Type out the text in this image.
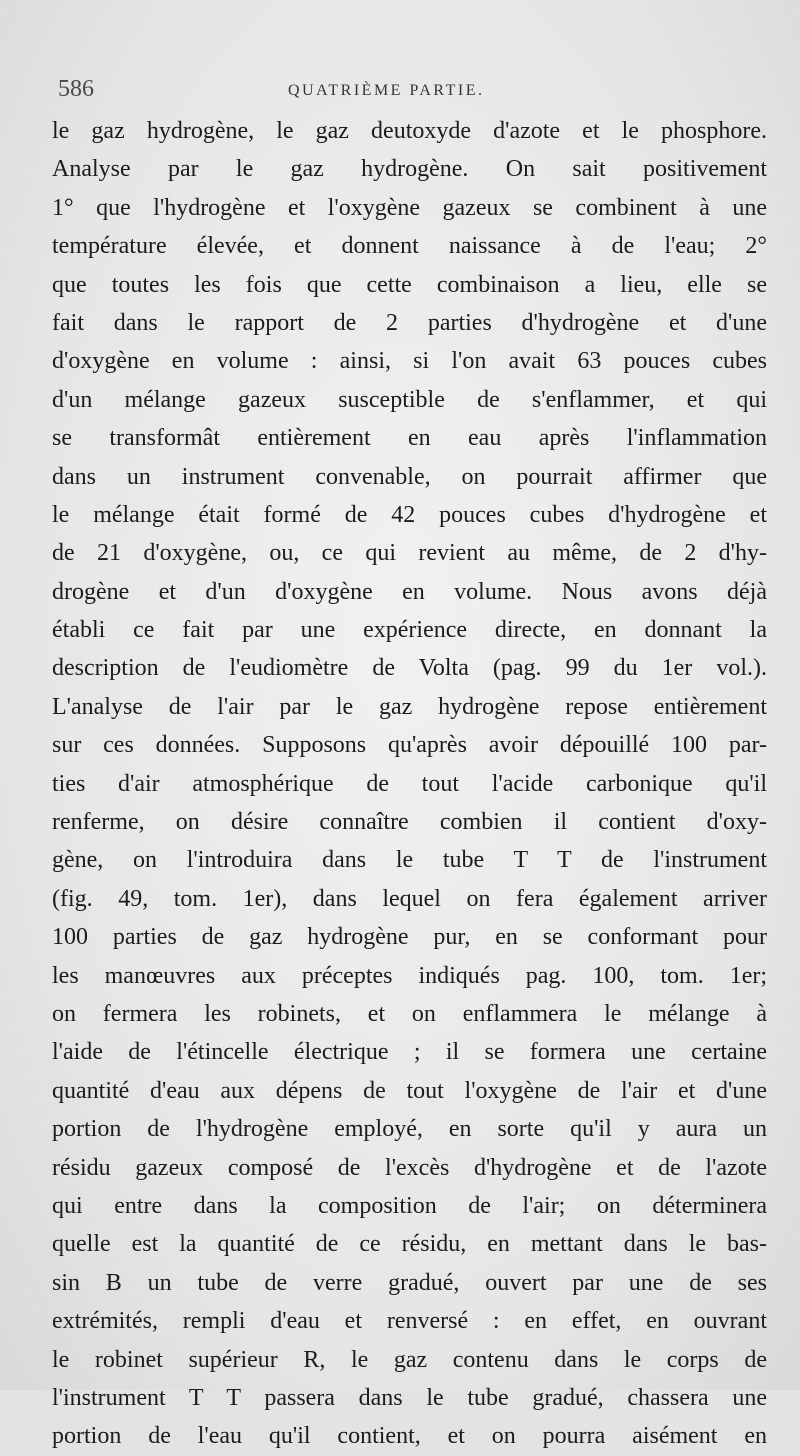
586	QUATRIÈME PARTIE.
le gaz hydrogène, le gaz deutoxyde d'azote et le phosphore.
Analyse par le gaz hydrogène. On sait positivement
1° que l'hydrogène et l'oxygène gazeux se combinent à une
température élevée, et donnent naissance à de l'eau; 2°
que toutes les fois que cette combinaison a lieu, elle se
fait dans le rapport de 2 parties d'hydrogène et d'une
d'oxygène en volume : ainsi, si l'on avait 63 pouces cubes
d'un mélange gazeux susceptible de s'enflammer, et qui
se transformât entièrement en eau après l'inflammation
dans un instrument convenable, on pourrait affirmer que
le mélange était formé de 42 pouces cubes d'hydrogène et
de 21 d'oxygène, ou, ce qui revient au même, de 2 d'hy-
drogène et d'un d'oxygène en volume. Nous avons déjà
établi ce fait par une expérience directe, en donnant la
description de l'eudiomètre de Volta (pag. 99 du 1er vol.).
L'analyse de l'air par le gaz hydrogène repose entièrement
sur ces données. Supposons qu'après avoir dépouillé 100 par-
ties d'air atmosphérique de tout l'acide carbonique qu'il
renferme, on désire connaître combien il contient d'oxy-
gène, on l'introduira dans le tube T T de l'instrument
(fig. 49, tom. 1er), dans lequel on fera également arriver
100 parties de gaz hydrogène pur, en se conformant pour
les manœuvres aux préceptes indiqués pag. 100, tom. 1er;
on fermera les robinets, et on enflammera le mélange à
l'aide de l'étincelle électrique ; il se formera une certaine
quantité d'eau aux dépens de tout l'oxygène de l'air et d'une
portion de l'hydrogène employé, en sorte qu'il y aura un
résidu gazeux composé de l'excès d'hydrogène et de l'azote
qui entre dans la composition de l'air; on déterminera
quelle est la quantité de ce résidu, en mettant dans le bas-
sin B un tube de verre gradué, ouvert par une de ses
extrémités, rempli d'eau et renversé : en effet, en ouvrant
le robinet supérieur R, le gaz contenu dans le corps de
l'instrument T T passera dans le tube gradué, chassera une
portion de l'eau qu'il contient, et on pourra aisément en
